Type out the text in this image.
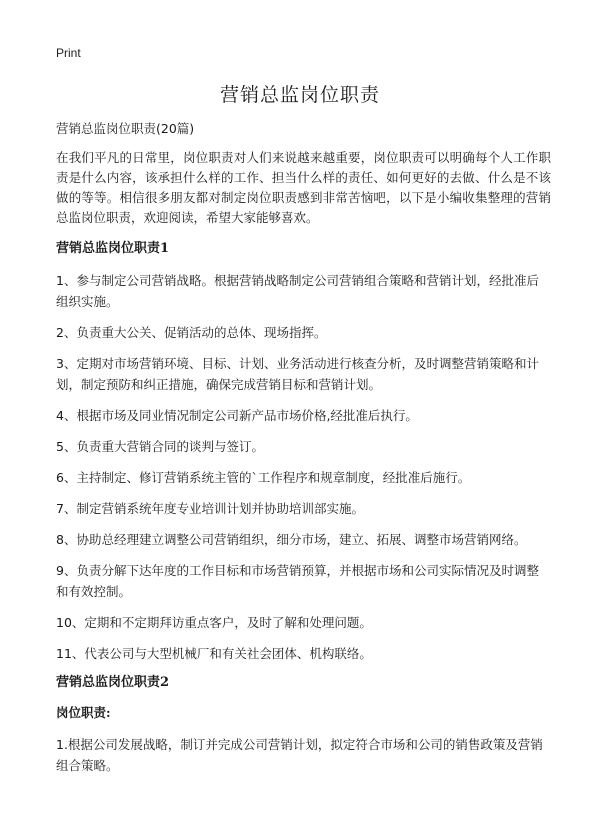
Print
营销总监岗位职责

营销总监岗位职责(20篇)

在我们平凡的日常里，岗位职责对人们来说越来越重要，岗位职责可以明确每个人工作职责是什么内容，该承担什么样的工作、担当什么样的责任、如何更好的去做、什么是不该做的等等。相信很多朋友都对制定岗位职责感到非常苦恼吧，以下是小编收集整理的营销总监岗位职责，欢迎阅读，希望大家能够喜欢。

营销总监岗位职责1

1、参与制定公司营销战略。根据营销战略制定公司营销组合策略和营销计划，经批准后组织实施。

2、负责重大公关、促销活动的总体、现场指挥。

3、定期对市场营销环境、目标、计划、业务活动进行核查分析，及时调整营销策略和计划，制定预防和纠正措施，确保完成营销目标和营销计划。

4、根据市场及同业情况制定公司新产品市场价格,经批准后执行。

5、负责重大营销合同的谈判与签订。

6、主持制定、修订营销系统主管的`工作程序和规章制度，经批准后施行。

7、制定营销系统年度专业培训计划并协助培训部实施。

8、协助总经理建立调整公司营销组织，细分市场，建立、拓展、调整市场营销网络。

9、负责分解下达年度的工作目标和市场营销预算，并根据市场和公司实际情况及时调整和有效控制。

10、定期和不定期拜访重点客户，及时了解和处理问题。

11、代表公司与大型机械厂和有关社会团体、机构联络。

营销总监岗位职责2
岗位职责:

1.根据公司发展战略，制订并完成公司营销计划，拟定符合市场和公司的销售政策及营销组合策略。
